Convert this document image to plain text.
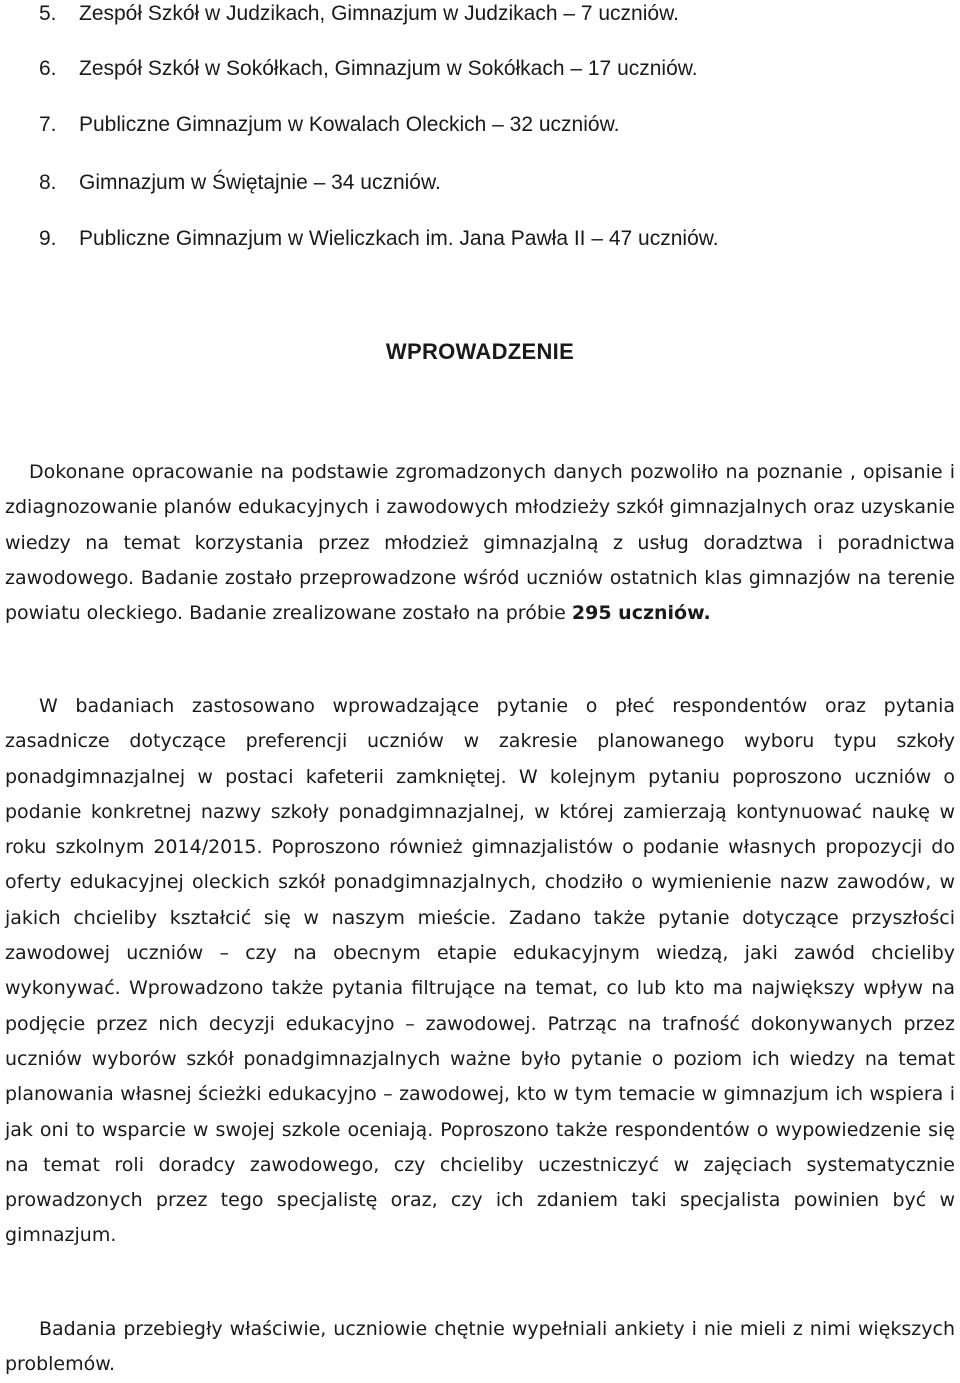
5. Zespół Szkół w Judzikach, Gimnazjum w Judzikach – 7 uczniów.
6. Zespół Szkół w Sokółkach, Gimnazjum w Sokółkach – 17 uczniów.
7. Publiczne Gimnazjum w Kowalach Oleckich – 32 uczniów.
8. Gimnazjum w Świętajnie – 34 uczniów.
9. Publiczne Gimnazjum w Wieliczkach im. Jana Pawła II – 47 uczniów.
WPROWADZENIE

Dokonane opracowanie na podstawie zgromadzonych danych pozwoliło na poznanie , opisanie i zdiagnozowanie planów edukacyjnych i zawodowych młodzieży szkół gimnazjalnych oraz uzyskanie wiedzy na temat korzystania przez młodzież gimnazjalną z usług doradztwa i poradnictwa zawodowego. Badanie zostało przeprowadzone wśród uczniów ostatnich klas gimnazjów na terenie powiatu oleckiego. Badanie zrealizowane zostało na próbie 295 uczniów.

W badaniach zastosowano wprowadzające pytanie o płeć respondentów oraz pytania zasadnicze dotyczące preferencji uczniów w zakresie planowanego wyboru typu szkoły ponadgimnazjalnej w postaci kafeterii zamkniętej. W kolejnym pytaniu poproszono uczniów o podanie konkretnej nazwy szkoły ponadgimnazjalnej, w której zamierzają kontynuować naukę w roku szkolnym 2014/2015. Poproszono również gimnazjalistów o podanie własnych propozycji do oferty edukacyjnej oleckich szkół ponadgimnazjalnych, chodziło o wymienienie nazw zawodów, w jakich chcieliby kształcić się w naszym mieście. Zadano także pytanie dotyczące przyszłości zawodowej uczniów – czy na obecnym etapie edukacyjnym wiedzą, jaki zawód chcieliby wykonywać. Wprowadzono także pytania filtrujące na temat, co lub kto ma największy wpływ na podjęcie przez nich decyzji edukacyjno – zawodowej. Patrząc na trafność dokonywanych przez uczniów wyborów szkół ponadgimnazjalnych ważne było pytanie o poziom ich wiedzy na temat planowania własnej ścieżki edukacyjno – zawodowej, kto w tym temacie w gimnazjum ich wspiera i jak oni to wsparcie w swojej szkole oceniają. Poproszono także respondentów o wypowiedzenie się na temat roli doradcy zawodowego, czy chcieliby uczestniczyć w zajęciach systematycznie prowadzonych przez tego specjalistę oraz, czy ich zdaniem taki specjalista powinien być w gimnazjum.

Badania przebiegły właściwie, uczniowie chętnie wypełniali ankiety i nie mieli z nimi większych problemów.
